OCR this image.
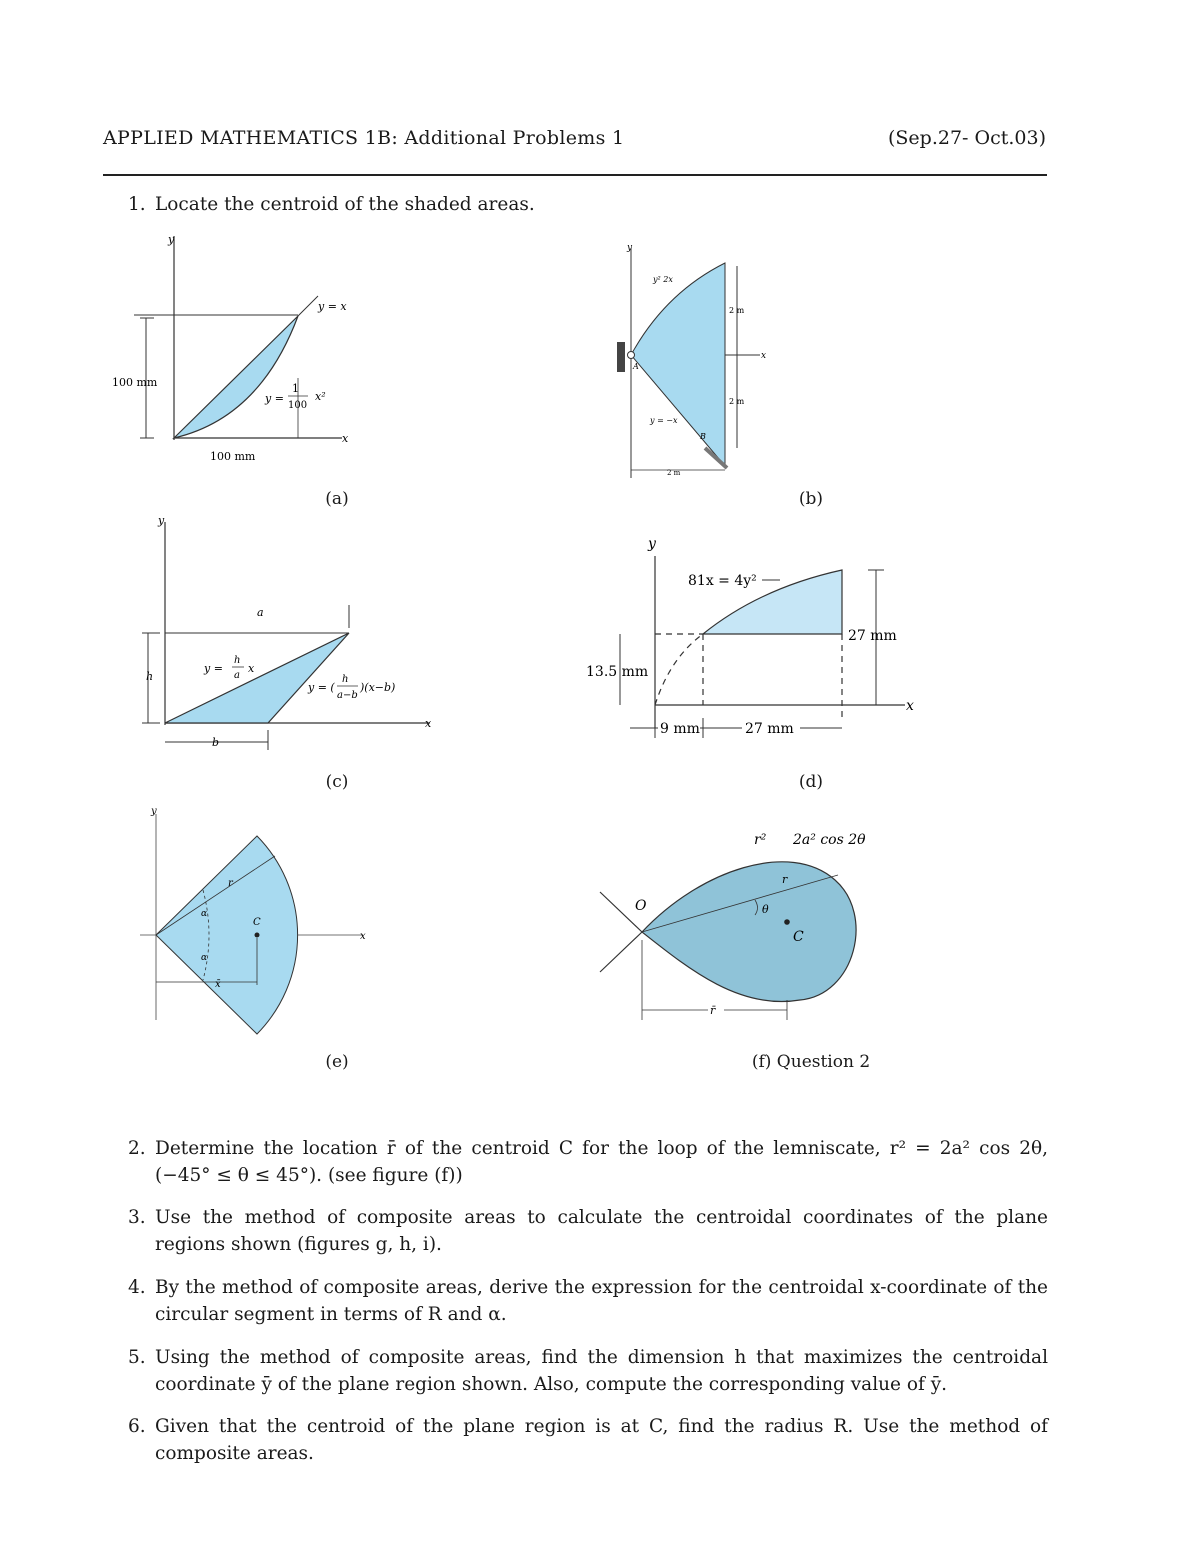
APPLIED MATHEMATICS 1B: Additional Problems 1	(Sep.27- Oct.03)
1. Locate the centroid of the shaded areas.
y
x
y = x
y =
1
100
x²
100 mm
100 mm
(a)
y
x
2 m
2 m
y² 2x
y = −x
A
B
2 m
(b)
y
x
h
a
b
y =
h
a
x
y = (
h
a−b
)(x−b)
(c)
y
x
81x = 4y²
27 mm
13.5 mm
9 mm	27 mm
(d)
y
x
r
α
α
C
x̄
(e)
O
r
θ
C
r² 2a² cos 2θ
r̄
(f) Question 2
2. Determine the location r̄ of the centroid C for the loop of the lemniscate, r² = 2a² cos 2θ, (−45° ≤ θ ≤ 45°). (see figure (f))
3. Use the method of composite areas to calculate the centroidal coordinates of the plane regions shown (figures g, h, i).
4. By the method of composite areas, derive the expression for the centroidal x-coordinate of the circular segment in terms of R and α.
5. Using the method of composite areas, find the dimension h that maximizes the centroidal coordinate ȳ of the plane region shown. Also, compute the corresponding value of ȳ.
6. Given that the centroid of the plane region is at C, find the radius R. Use the method of composite areas.
